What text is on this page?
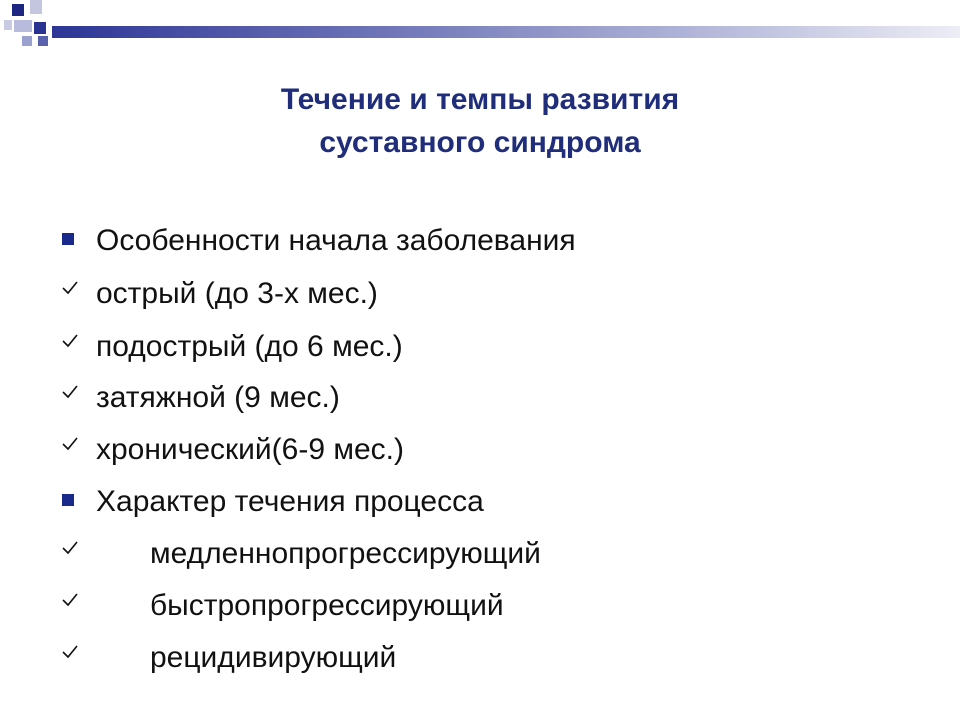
Течение и темпы развития
суставного синдрома
Особенности начала заболевания
острый (до 3-х мес.)
подострый (до 6 мес.)
затяжной (9 мес.)
хронический(6-9 мес.)
Характер течения процесса
медленнопрогрессирующий
быстропрогрессирующий
рецидивирующий
